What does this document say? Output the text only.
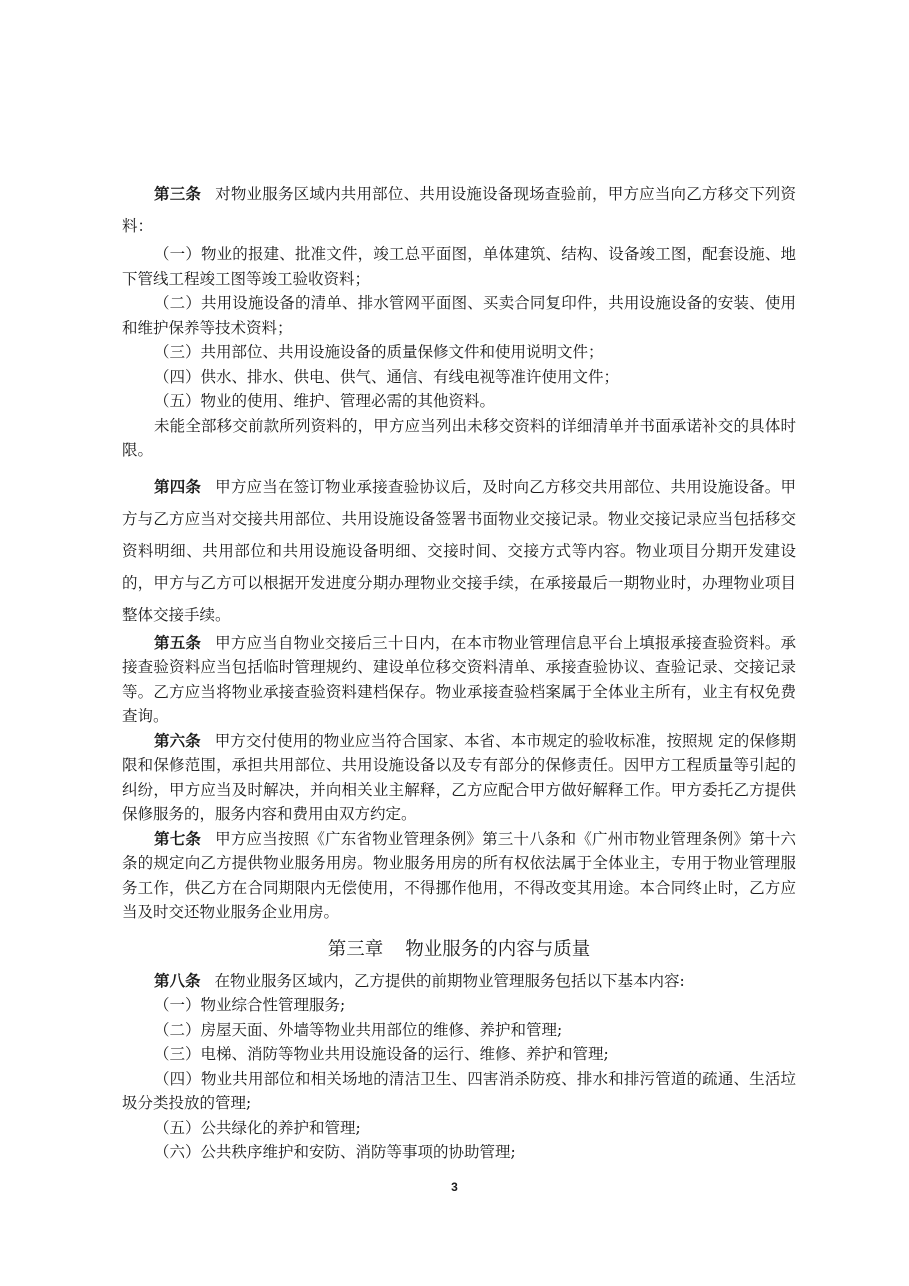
第三条 对物业服务区域内共用部位、共用设施设备现场查验前，甲方应当向乙方移交下列资料：

（一）物业的报建、批准文件，竣工总平面图，单体建筑、结构、设备竣工图，配套设施、地下管线工程竣工图等竣工验收资料；

（二）共用设施设备的清单、排水管网平面图、买卖合同复印件，共用设施设备的安装、使用和维护保养等技术资料；

（三）共用部位、共用设施设备的质量保修文件和使用说明文件；

（四）供水、排水、供电、供气、通信、有线电视等准许使用文件；

（五）物业的使用、维护、管理必需的其他资料。

未能全部移交前款所列资料的，甲方应当列出未移交资料的详细清单并书面承诺补交的具体时限。

第四条 甲方应当在签订物业承接查验协议后，及时向乙方移交共用部位、共用设施设备。甲方与乙方应当对交接共用部位、共用设施设备签署书面物业交接记录。物业交接记录应当包括移交资料明细、共用部位和共用设施设备明细、交接时间、交接方式等内容。物业项目分期开发建设的，甲方与乙方可以根据开发进度分期办理物业交接手续，在承接最后一期物业时，办理物业项目整体交接手续。

第五条 甲方应当自物业交接后三十日内，在本市物业管理信息平台上填报承接查验资料。承接查验资料应当包括临时管理规约、建设单位移交资料清单、承接查验协议、查验记录、交接记录等。乙方应当将物业承接查验资料建档保存。物业承接查验档案属于全体业主所有，业主有权免费查询。

第六条 甲方交付使用的物业应当符合国家、本省、本市规定的验收标准，按照规 定的保修期限和保修范围，承担共用部位、共用设施设备以及专有部分的保修责任。因甲方工程质量等引起的纠纷，甲方应当及时解决，并向相关业主解释，乙方应配合甲方做好解释工作。甲方委托乙方提供保修服务的，服务内容和费用由双方约定。

第七条 甲方应当按照《广东省物业管理条例》第三十八条和《广州市物业管理条例》第十六条的规定向乙方提供物业服务用房。物业服务用房的所有权依法属于全体业主，专用于物业管理服务工作，供乙方在合同期限内无偿使用，不得挪作他用，不得改变其用途。本合同终止时，乙方应当及时交还物业服务企业用房。

第三章 物业服务的内容与质量

第八条 在物业服务区域内，乙方提供的前期物业管理服务包括以下基本内容:

（一）物业综合性管理服务;

（二）房屋天面、外墙等物业共用部位的维修、养护和管理;

（三）电梯、消防等物业共用设施设备的运行、维修、养护和管理;

（四）物业共用部位和相关场地的清洁卫生、四害消杀防疫、排水和排污管道的疏通、生活垃圾分类投放的管理;

（五）公共绿化的养护和管理;

（六）公共秩序维护和安防、消防等事项的协助管理;

3
